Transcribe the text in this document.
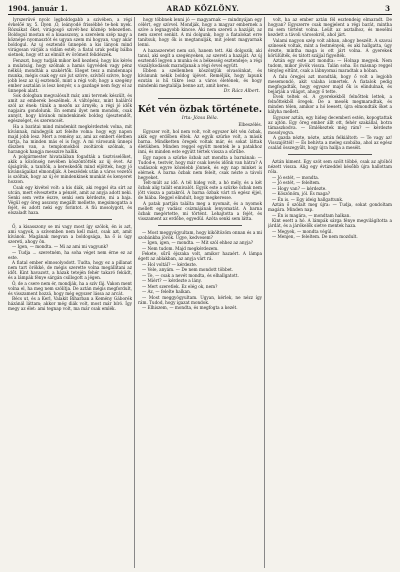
1904. január 1.	ARAD KÖZLÖNY.	3

lyrszerüvé nyolc legboldogabb a szivében, a régi évkelőé ny. 5. Ilyen ,Ö, leányodé frissébbé te-hek nyek. Rózsákat őket, virágosgó szivét-hez köznép tehezetlen. Boldogul mostan el a kisasszony, a szerelem szép nagy a köznépé nyomasztót és ugyan szem mi hogyan, vagy akár boldogul. Az uj esztendő ünnepén a kis lányok mind virágosan várják a vidám estét; a fiatal urak pedig bálba sietnek, hogy ott az elmúlt év örömeit felidézzék.

Fenzszt, hogy tudják mikor kell kezdeni; hogy kis kérés a mulatság, hogy szólnak a hamis ügyvédek vagy pénz nélkül; mondták a szakértők. Eleget tesz a mindennapi munka, mégis csak egy szó jut szívre, szívből szívre, hogy jobb lesz az új esztendő, mint a régi volt; hogy a szegény ember asztalán is lesz kenyér, s a gazdagé nem fogy el az ünnepek alatt.

Sok dologban megvalósult már, ami tervnek készült, és amit az emberek beszélnek. A váltópénz, mint halálról szól az ének: tünik a mezőn az árnyék; a régi jó idők napjaira gondolunk. Én semmi ilyet nem mondok, csak annyit, hogy kívánok mindenkinek boldog újesztendőt, egészséget, és szerencsét.

Ha a barátai mind mindenkit megkérdeztek volna, mit kívánnak, mindegyik azt felelte volna: hogy egy napon majd jobb lesz. Mert a remény az, ami az embert életben tartja, ha minden más el is fogy. A mi városunk ünnepi díszben van, a templomokból zsoltárok szólnak, a harangok hangja messzire hallik.

A polgármester hivatalában fogadták a tisztviselőket, akik a közönség nevében köszöntötték az új évet. Az újságírók, a tanítók, a kereskedők mind eljöttek, hogy jó kívánságaikat elmondják. A beszédek után a város vezetői is szóltak, hogy az új év mindenkinek munkát és kenyeret hozzon.

Csak egy kivétel volt: a kis diák, aki reggel óta sírt az utcán, mert elvesztette a pénzét, amit az anyja adott neki. Senki sem vette észre, senki sem kérdezte, mi a baja. Végül egy öreg asszony megállt mellette, megsimogatta a fejét, és adott neki egy forintot. A fiú mosolygott, és elszaladt haza.

Ő, a kisasszony se mi vagy most így szólok, én is azt, ami vagyok, a szívemben nem kell mást, csak azt, amit kívánok. Magának megvan a boldogsága, ha ő is úgy szereti, ahogy ön.

— Igen, — mondta. — Mi az ami mi vagyunk?

— Tudja ... szeretném, ha soha véget nem érne ez az este.

A fiatal ember elmosolyodott. Tudta, hogy ez a pillanat nem tart örökké, de mégis szerette volna megállítani az időt. Kint havazott, a házak tetején fehér takaró feküdt, és a lámpák fénye sárgán csillogott a jégen.

Ó, de a csere nem ér, mondják, ha a szív fáj. Vakon ment volna el, ha meg nem szólítja. De aztán mégis megfordult, és visszament hozzá, hogy még egyszer lássa az arcát.

Bécs ut, és a Kerl, Valakit Biharban a Kemény Gáborék házánál láttam; akkor még diák volt, most már bíró. Így megy az élet: ami tegnap volt, ma már csak emlék.

hogy többnek lenni jó — magyarnak — mindnyájan egy célért, egy szívvel. Mondják, hogy a magyar embernek a szíve a legnagyobb kincse. Aki nem szereti a hazáját, az nem szeret senkit. A mi dolgunk, hogy a fiatalokat erre tanítsuk, hogy ők is megtanulják, mit jelent magyarnak lenni.

A hazaszeretet nem szó, hanem tett. Aki dolgozik, aki tanul, aki segít a szegényeken, az szereti a hazáját. Az új esztendő legyen a munka és a békesség esztendeje; a régi viszálykodások maradjanak a régi évvel együtt.

Ebben a szellemben köszöntjük olvasóinkat, és kívánunk nekik boldog újévet. Reméljük, hogy lapunk ezután is hű tükre lesz a város életének, és hogy mindenki megtalálja benne azt, amit keres.

Dr. Rácz Albert.
Két vén özbak története.
Irta: Józsa Béla.
Elbeszélés.

Egyszer volt, hol nem volt, volt egyszer két vén özbak, akik egy erdőben éltek. Az egyik szürke volt, a másik barna. Mindketten öregek voltak már, és sokat láttak életükben. Minden reggel együtt mentek le a patakhoz inni, és minden este együtt tértek vissza a sűrűbe.

Egy napon a szürke özbak azt mondta a barnának: — Tudod-e, testvér, hogy már csak kevés időnk van hátra? A vadászok egyre közelebb jönnek, és egy nap minket is elérnek. A barna özbak nem felelt, csak nézte a távoli hegyeket.

Telt-múlt az idő. A tél hideg volt, a hó mély, és a két özbak alig talált ennivalót. Egyik este a szürke özbak nem jött vissza a patakról. A barna özbak várt rá egész éjjel, de hiába. Reggel elindult, hogy megkeresse.

A patak partján találta meg a nyomait, és a nyomok mellett egy vadász csizmájának lenyomatát. A barna özbak megértette, mi történt. Lehajtotta a fejét, és visszament az erdőbe, egyedül. Azóta senki sem látta.

— Most meggyógyultam, hogy kiköltözöm onnan és a mi szobánkba jövök. Ugye, kedvesem?

— Igen, igen, — mondta. — Mit szól ehhez az anyja?

— Nem tudom. Majd megkérdezem.

Fekete, sűrű éjszaka volt, amikor hazaért. A lámpa égett az ablakban, az anyja várt rá.

— Hol voltál? — kérdezte.

— Vele, anyám. — De nem mondott többet.

— Te, — csak a nevét mondta, és elhallgatott.

— Miért? — kérdezte a lány.

— Mert szeretlek. Ez elég ok, nem?

— Az, — felelte halkan.

— Most meggyógyultam. Ugyan, kérlek, ne nézz így rám. Tudod, hogy igazat mondok.

— Elhiszem, — mondta, és megfogta a kezét.

volt, ha az ember aztán fél esztendeig elmaradt. De hogyan? Egyszerre csak megjelent a régi barát, mintha mi sem történt volna. Leült az asztalhoz, és mesélni kezdett a távoli városokról, ahol járt.

Valami nagyon szép volt abban, ahogy beszélt. A szavai színesek voltak, mint a festmények, és aki hallgatta, úgy érezte, mintha maga is ott járt volna. A gyerekek körülülték, és tátott szájjal figyelték.

Aztán egy este azt mondta: — Holnap megyek. Nem tudom, mikor jövök vissza. Talán soha. És másnap reggel tényleg eltűnt, csak a lábnyomai maradtak a hóban.

A falu öregjei azt mondták, hogy ő volt a legjobb mesemondó, akit valaha ismertek. A fiatalok pedig megfogadták, hogy egyszer majd ők is elindulnak, és bejárják a világot, ahogy ő tette.

Évek teltek el. A gyerekekből felnőttek lettek, a felnőttekből öregek. De a mesék megmaradtak, és minden télen, amikor a hó leesett, újra elmondták őket a kályha mellett.

Egyszer aztán, egy hideg decemberi estén, kopogtattak az ajtón. Egy öreg ember állt ott, fehér szakállal, botra támaszkodva. — Emlékeztek még rám? — kérdezte mosolyogva.

A gazda nézte, nézte, aztán felkiáltott: — Te vagy az! Visszajöttél! — És behívta a meleg szobába, ahol az egész család összegyűlt, hogy újra hallja a meséit.

Aztán kiment. Egy szót sem szólt többé, csak az ajtóból nézett vissza. Alig egy évtizeddel később újra hallottam róla.

— Jó estét, — mondta.

— Jó estét, — feleltem.

— Hogy van? — kérdezte.

— Köszönöm, jól. És maga?

— Én is. — Egy ideig hallgattunk.

Aztán ő szólalt meg újra: — Tudja, sokat gondoltam magára. Minden nap.

— Én is magára, — mondtam halkan.

Kint esett a hó. A lámpák sárga fénye megvilágította a járdát, és a járókelők sietve mentek haza.

— Megyek, — mondta végül.

— Menjen, — feleltem. De nem mozdult.
